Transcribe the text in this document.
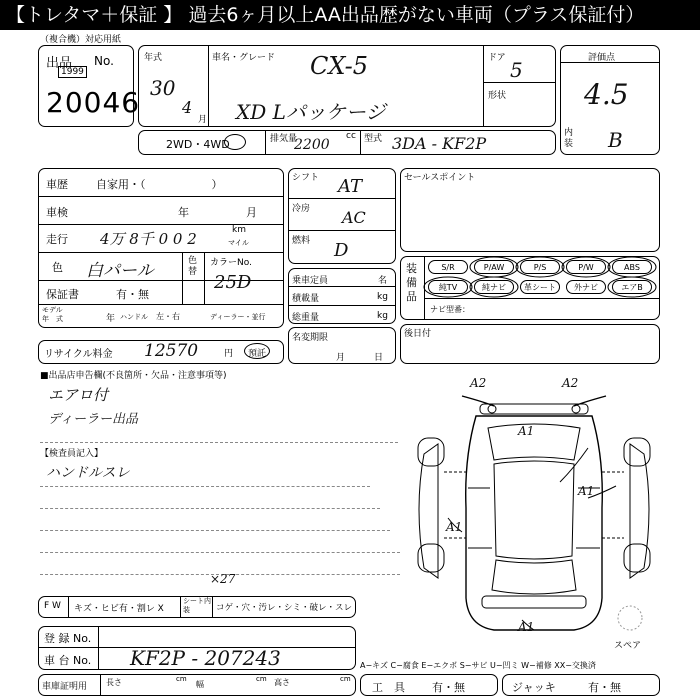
【トレタマ＋保証 】 過去6ヶ月以上AA出品歴がない車両（プラス保証付）
（複合機）対応用紙
出品 No.
1999
20046
年式
30
4
月
車名・グレード CX-5
XD Lパッケージ
ドア 5
形状
評価点
4.5
2WD・4WD	排気量
2200
cc 型式 3DA - KF2P
内
装 B
車歴	自家用・（　　　　　　）
車検	年	月
走行 4万 8千 0 0 2	km
マイル
色 白パール	色
替
カラーNo.
25D
保証書	有・無
モデル
年　式	年 ハンドル 左・右	ディーラー・並行
リサイクル料金 12570	円 預託
シフト AT
冷房 AC
燃料 D
乗車定員	名
積載量	kg
総重量	kg
名変期限
月	日
セールスポイント
装
備
品
S/R	P/AW	P/S	P/W	ABS
純TV	純ナビ	革シート	外ナビ	エアB
ナビ型番：
後日付
■出品店申告欄(不良箇所・欠品・注意事項等)
エアロ付
ディーラー出品
【検査員記入】
ハンドルスレ
A2	A2
A1
A1
A1
A1
スペア
A−キズ C−腐食 E−エクボ S−サビ U−凹ミ W−補修 XX−交換済
F W キズ・ヒビ有・割レ X
シート内装	コゲ・穴・汚レ・シミ・破レ・スレ
×27
登 録 No.
車 台 No. KF2P - 207243
車庫証明用 長さ	cm
幅
cm 高さ	cm
工　具 有・無	ジャッキ	有・無
